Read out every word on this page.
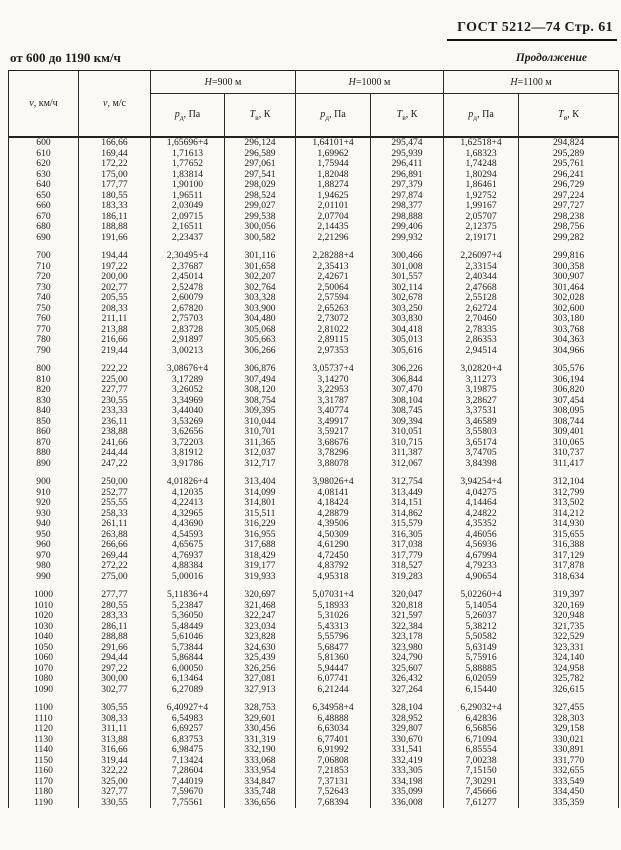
ГОСТ 5212—74 Стр. 61
Продолжение
от 600 до 1190 км/ч
v, км/ч	v, м/с	Н=900 м		Н=1000 м		Н=1100 м	
		$р_д$, Па	$Т_в$, К	$р_д$, Па	$Т_в$, К	$р_д$, Па	$Т_в$, К
600	166,66	1,65696+4	296,124	1,64101+4	295,474	1,62518+4	294,824
610	169,44	1,71613	296,589	1,69962	295,939	1,68323	295,289
620	172,22	1,77652	297,061	1,75944	296,411	1,74248	295,761
630	175,00	1,83814	297,541	1,82048	296,891	1,80294	296,241
640	177,77	1,90100	298,029	1,88274	297,379	1,86461	296,729
650	180,55	1,96511	298,524	1,94625	297,874	1,92752	297,224
660	183,33	2,03049	299,027	2,01101	298,377	1,99167	297,727
670	186,11	2,09715	299,538	2,07704	298,888	2,05707	298,238
680	188,88	2,16511	300,056	2,14435	299,406	2,12375	298,756
690	191,66	2,23437	300,582	2,21296	299,932	2,19171	299,282

700	194,44	2,30495+4	301,116	2,28288+4	300,466	2,26097+4	299,816
710	197,22	2,37687	301,658	2,35413	301,008	2,33154	300,358
720	200,00	2,45014	302,207	2,42671	301,557	2,40344	300,907
730	202,77	2,52478	302,764	2,50064	302,114	2,47668	301,464
740	205,55	2,60079	303,328	2,57594	302,678	2,55128	302,028
750	208,33	2,67820	303,900	2,65263	303,250	2,62724	302,600
760	211,11	2,75703	304,480	2,73072	303,830	2,70460	303,180
770	213,88	2,83728	305,068	2,81022	304,418	2,78335	303,768
780	216,66	2,91897	305,663	2,89115	305,013	2,86353	304,363
790	219,44	3,00213	306,266	2,97353	305,616	2,94514	304,966

800	222,22	3,08676+4	306,876	3,05737+4	306,226	3,02820+4	305,576
810	225,00	3,17289	307,494	3,14270	306,844	3,11273	306,194
820	227,77	3,26052	308,120	3,22953	307,470	3,19875	306,820
830	230,55	3,34969	308,754	3,31787	308,104	3,28627	307,454
840	233,33	3,44040	309,395	3,40774	308,745	3,37531	308,095
850	236,11	3,53269	310,044	3,49917	309,394	3,46589	308,744
860	238,88	3,62656	310,701	3,59217	310,051	3,55803	309,401
870	241,66	3,72203	311,365	3,68676	310,715	3,65174	310,065
880	244,44	3,81912	312,037	3,78296	311,387	3,74705	310,737
890	247,22	3,91786	312,717	3,88078	312,067	3,84398	311,417

900	250,00	4,01826+4	313,404	3,98026+4	312,754	3,94254+4	312,104
910	252,77	4,12035	314,099	4,08141	313,449	4,04275	312,799
920	255,55	4,22413	314,801	4,18424	314,151	4,14464	313,502
930	258,33	4,32965	315,511	4,28879	314,862	4,24822	314,212
940	261,11	4,43690	316,229	4,39506	315,579	4,35352	314,930
950	263,88	4,54593	316,955	4,50309	316,305	4,46056	315,655
960	266,66	4,65675	317,688	4,61290	317,038	4,56936	316,388
970	269,44	4,76937	318,429	4,72450	317,779	4,67994	317,129
980	272,22	4,88384	319,177	4,83792	318,527	4,79233	317,878
990	275,00	5,00016	319,933	4,95318	319,283	4,90654	318,634

1000	277,77	5,11836+4	320,697	5,07031+4	320,047	5,02260+4	319,397
1010	280,55	5,23847	321,468	5,18933	320,818	5,14054	320,169
1020	283,33	5,36050	322,247	5,31026	321,597	5,26037	320,948
1030	286,11	5,48449	323,034	5,43313	322,384	5,38212	321,735
1040	288,88	5,61046	323,828	5,55796	323,178	5,50582	322,529
1050	291,66	5,73844	324,630	5,68477	323,980	5,63149	323,331
1060	294,44	5,86844	325,439	5,81360	324,790	5,75916	324,140
1070	297,22	6,00050	326,256	5,94447	325,607	5,88885	324,958
1080	300,00	6,13464	327,081	6,07741	326,432	6,02059	325,782
1090	302,77	6,27089	327,913	6,21244	327,264	6,15440	326,615

1100	305,55	6,40927+4	328,753	6,34958+4	328,104	6,29032+4	327,455
1110	308,33	6,54983	329,601	6,48888	328,952	6,42836	328,303
1120	311,11	6,69257	330,456	6,63034	329,807	6,56856	329,158
1130	313,88	6,83753	331,319	6,77401	330,670	6,71094	330,021
1140	316,66	6,98475	332,190	6,91992	331,541	6,85554	330,891
1150	319,44	7,13424	333,068	7,06808	332,419	7,00238	331,770
1160	322,22	7,28604	333,954	7,21853	333,305	7,15150	332,655
1170	325,00	7,44019	334,847	7,37131	334,198	7,30291	333,549
1180	327,77	7,59670	335,748	7,52643	335,099	7,45666	334,450
1190	330,55	7,75561	336,656	7,68394	336,008	7,61277	335,359
